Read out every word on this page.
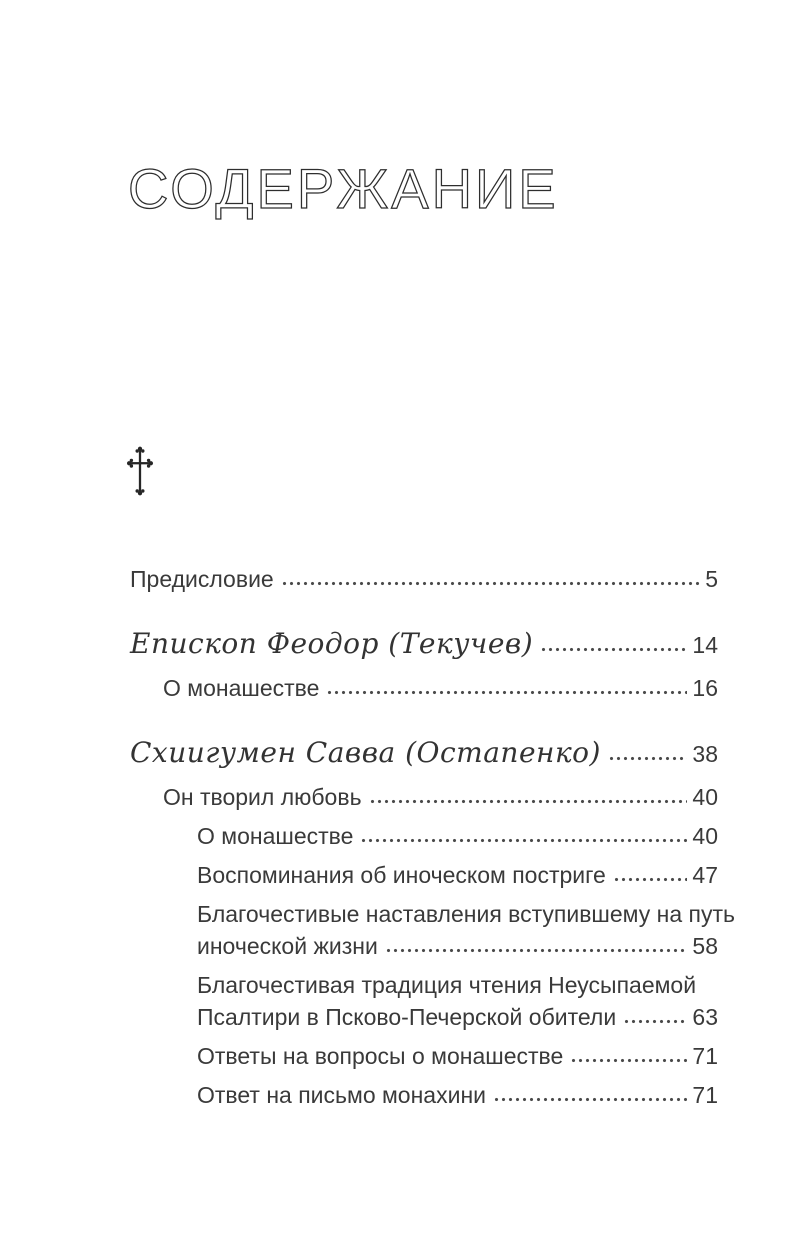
СОДЕРЖАНИЕ
Предисловие	5
Епископ Феодор (Текучев)	14
О монашестве	16
Схиигумен Савва (Остапенко)	38
Он творил любовь	40
О монашестве	40
Воспоминания об иноческом постриге	47
Благочестивые наставления вступившему на путь
иноческой жизни	58
Благочестивая традиция чтения Неусыпаемой
Псалтири в Псково-Печерской обители	63
Ответы на вопросы о монашестве	71
Ответ на письмо монахини	71
